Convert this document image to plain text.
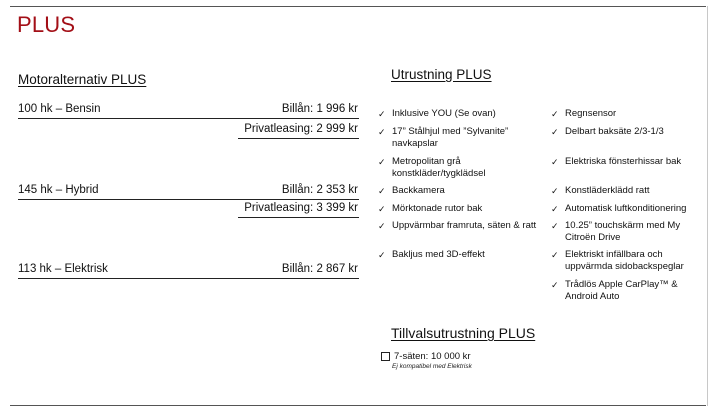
PLUS
Motoralternativ PLUS
100 hk – Bensin	Billån: 1 996 kr
Privatleasing: 2 999 kr
145 hk – Hybrid	Billån: 2 353 kr
Privatleasing: 3 399 kr
113 hk – Elektrisk	Billån: 2 867 kr
Utrustning PLUS
✓ Inklusive YOU (Se ovan)
✓ 17” Stålhjul med ”Sylvanite” navkapslar
✓ Metropolitan grå konstkläder/tygklädsel
✓ Backkamera
✓ Mörktonade rutor bak
✓ Uppvärmbar framruta, säten & ratt
✓ Bakljus med 3D-effekt
✓ Regnsensor
✓ Delbart baksäte 2/3-1/3
✓ Elektriska fönsterhissar bak
✓ Konstläderklädd ratt
✓ Automatisk luftkonditionering
✓ 10.25” touchskärm med My Citroën Drive
✓ Elektriskt infällbara och uppvärmda sidobackspeglar
✓ Trådlös Apple CarPlay™ & Android Auto
Tillvalsutrustning PLUS
7-säten: 10 000 kr
Ej kompatibel med Elektrisk
